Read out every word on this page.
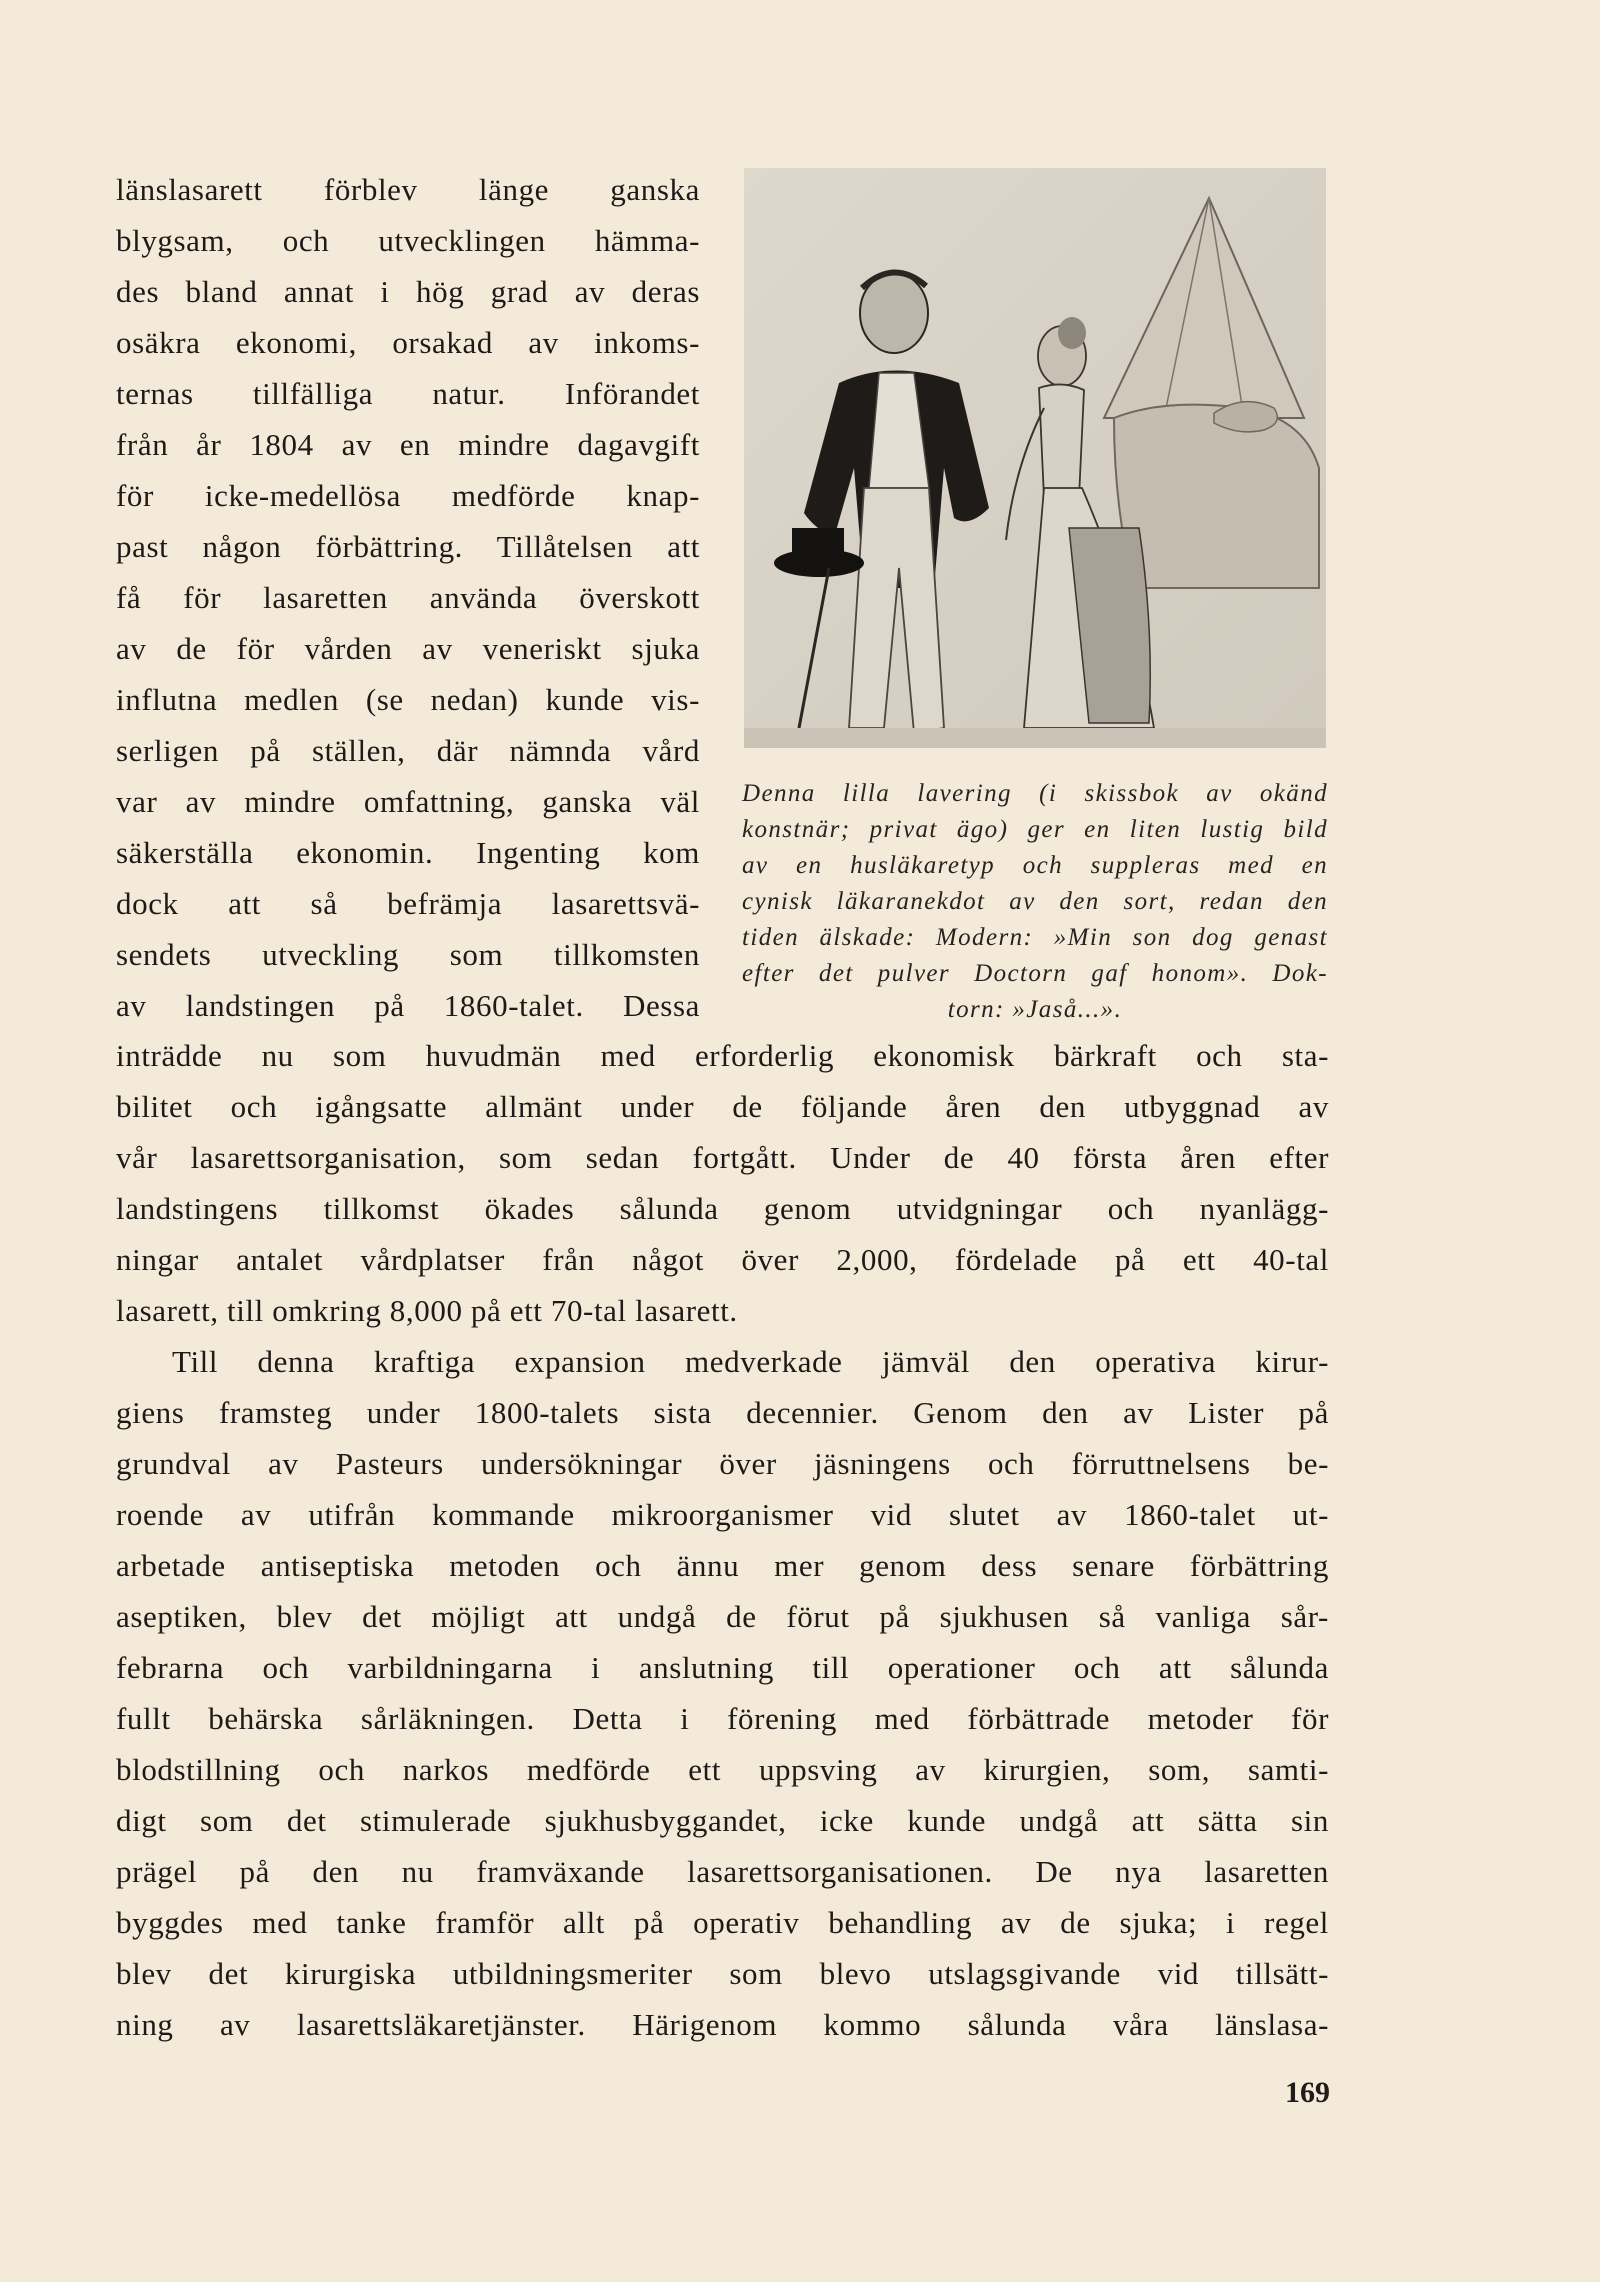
länslasarett förblev länge ganska
blygsam, och utvecklingen hämma-
des bland annat i hög grad av deras
osäkra ekonomi, orsakad av inkoms-
ternas tillfälliga natur. Införandet
från år 1804 av en mindre dagavgift
för icke-medellösa medförde knap-
past någon förbättring. Tillåtelsen att
få för lasaretten använda överskott
av de för vården av veneriskt sjuka
influtna medlen (se nedan) kunde vis-
serligen på ställen, där nämnda vård
var av mindre omfattning, ganska väl
säkerställa ekonomin. Ingenting kom
dock att så befrämja lasarettsvä-
sendets utveckling som tillkomsten
av landstingen på 1860-talet. Dessa
Denna lilla lavering (i skissbok av okänd
konstnär; privat ägo) ger en liten lustig bild
av en husläkaretyp och suppleras med en
cynisk läkaranekdot av den sort, redan den
tiden älskade: Modern: »Min son dog genast
efter det pulver Doctorn gaf honom». Dok-
torn: »Jaså...».
inträdde nu som huvudmän med erforderlig ekonomisk bärkraft och sta-
bilitet och igångsatte allmänt under de följande åren den utbyggnad av
vår lasarettsorganisation, som sedan fortgått. Under de 40 första åren efter
landstingens tillkomst ökades sålunda genom utvidgningar och nyanlägg-
ningar antalet vårdplatser från något över 2,000, fördelade på ett 40-tal
lasarett, till omkring 8,000 på ett 70-tal lasarett.
Till denna kraftiga expansion medverkade jämväl den operativa kirur-
giens framsteg under 1800-talets sista decennier. Genom den av Lister på
grundval av Pasteurs undersökningar över jäsningens och förruttnelsens be-
roende av utifrån kommande mikroorganismer vid slutet av 1860-talet ut-
arbetade antiseptiska metoden och ännu mer genom dess senare förbättring
aseptiken, blev det möjligt att undgå de förut på sjukhusen så vanliga sår-
febrarna och varbildningarna i anslutning till operationer och att sålunda
fullt behärska sårläkningen. Detta i förening med förbättrade metoder för
blodstillning och narkos medförde ett uppsving av kirurgien, som, samti-
digt som det stimulerade sjukhusbyggandet, icke kunde undgå att sätta sin
prägel på den nu framväxande lasarettsorganisationen. De nya lasaretten
byggdes med tanke framför allt på operativ behandling av de sjuka; i regel
blev det kirurgiska utbildningsmeriter som blevo utslagsgivande vid tillsätt-
ning av lasarettsläkaretjänster. Härigenom kommo sålunda våra länslasa-
169
